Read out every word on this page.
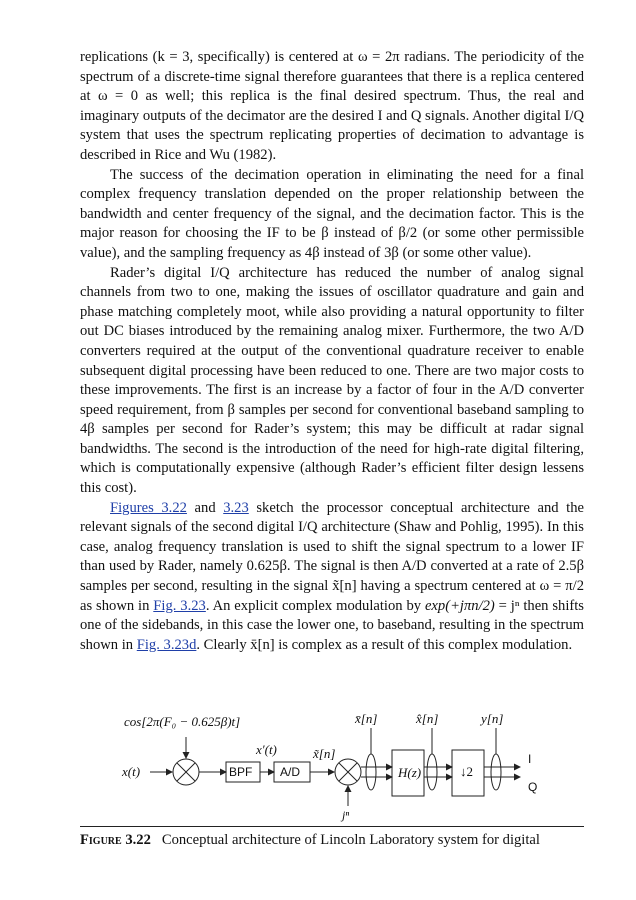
replications (k = 3, specifically) is centered at ω = 2π radians. The periodicity of the spectrum of a discrete-time signal therefore guarantees that there is a replica centered at ω = 0 as well; this replica is the final desired spectrum. Thus, the real and imaginary outputs of the decimator are the desired I and Q signals. Another digital I/Q system that uses the spectrum replicating properties of decimation to advantage is described in Rice and Wu (1982).

The success of the decimation operation in eliminating the need for a final complex frequency translation depended on the proper relationship between the bandwidth and center frequency of the signal, and the decimation factor. This is the major reason for choosing the IF to be β instead of β/2 (or some other permissible value), and the sampling frequency as 4β instead of 3β (or some other value).

Rader’s digital I/Q architecture has reduced the number of analog signal channels from two to one, making the issues of oscillator quadrature and gain and phase matching completely moot, while also providing a natural opportunity to filter out DC biases introduced by the remaining analog mixer. Furthermore, the two A/D converters required at the output of the conventional quadrature receiver to enable subsequent digital processing have been reduced to one. There are two major costs to these improvements. The first is an increase by a factor of four in the A/D converter speed requirement, from β samples per second for conventional baseband sampling to 4β samples per second for Rader’s system; this may be difficult at radar signal bandwidths. The second is the introduction of the need for high-rate digital filtering, which is computationally expensive (although Rader’s efficient filter design lessens this cost).

Figures 3.22 and 3.23 sketch the processor conceptual architecture and the relevant signals of the second digital I/Q architecture (Shaw and Pohlig, 1995). In this case, analog frequency translation is used to shift the signal spectrum to a lower IF than used by Rader, namely 0.625β. The signal is then A/D converted at a rate of 2.5β samples per second, resulting in the signal x̃[n] having a spectrum centered at ω = π/2 as shown in Fig. 3.23. An explicit complex modulation by exp(+jπn/2) = jⁿ then shifts one of the sidebands, in this case the lower one, to baseband, resulting in the spectrum shown in Fig. 3.23d. Clearly x̄[n] is complex as a result of this complex modulation.

x(t)
cos[2π(F₀ − 0.625β)t]
BPF A/D
x′(t)	x̃[n]
x̄[n]	x̂[n]	y[n]
jⁿ
H(z)	↓2
I
Q
Figure 3.22 Conceptual architecture of Lincoln Laboratory system for digital
